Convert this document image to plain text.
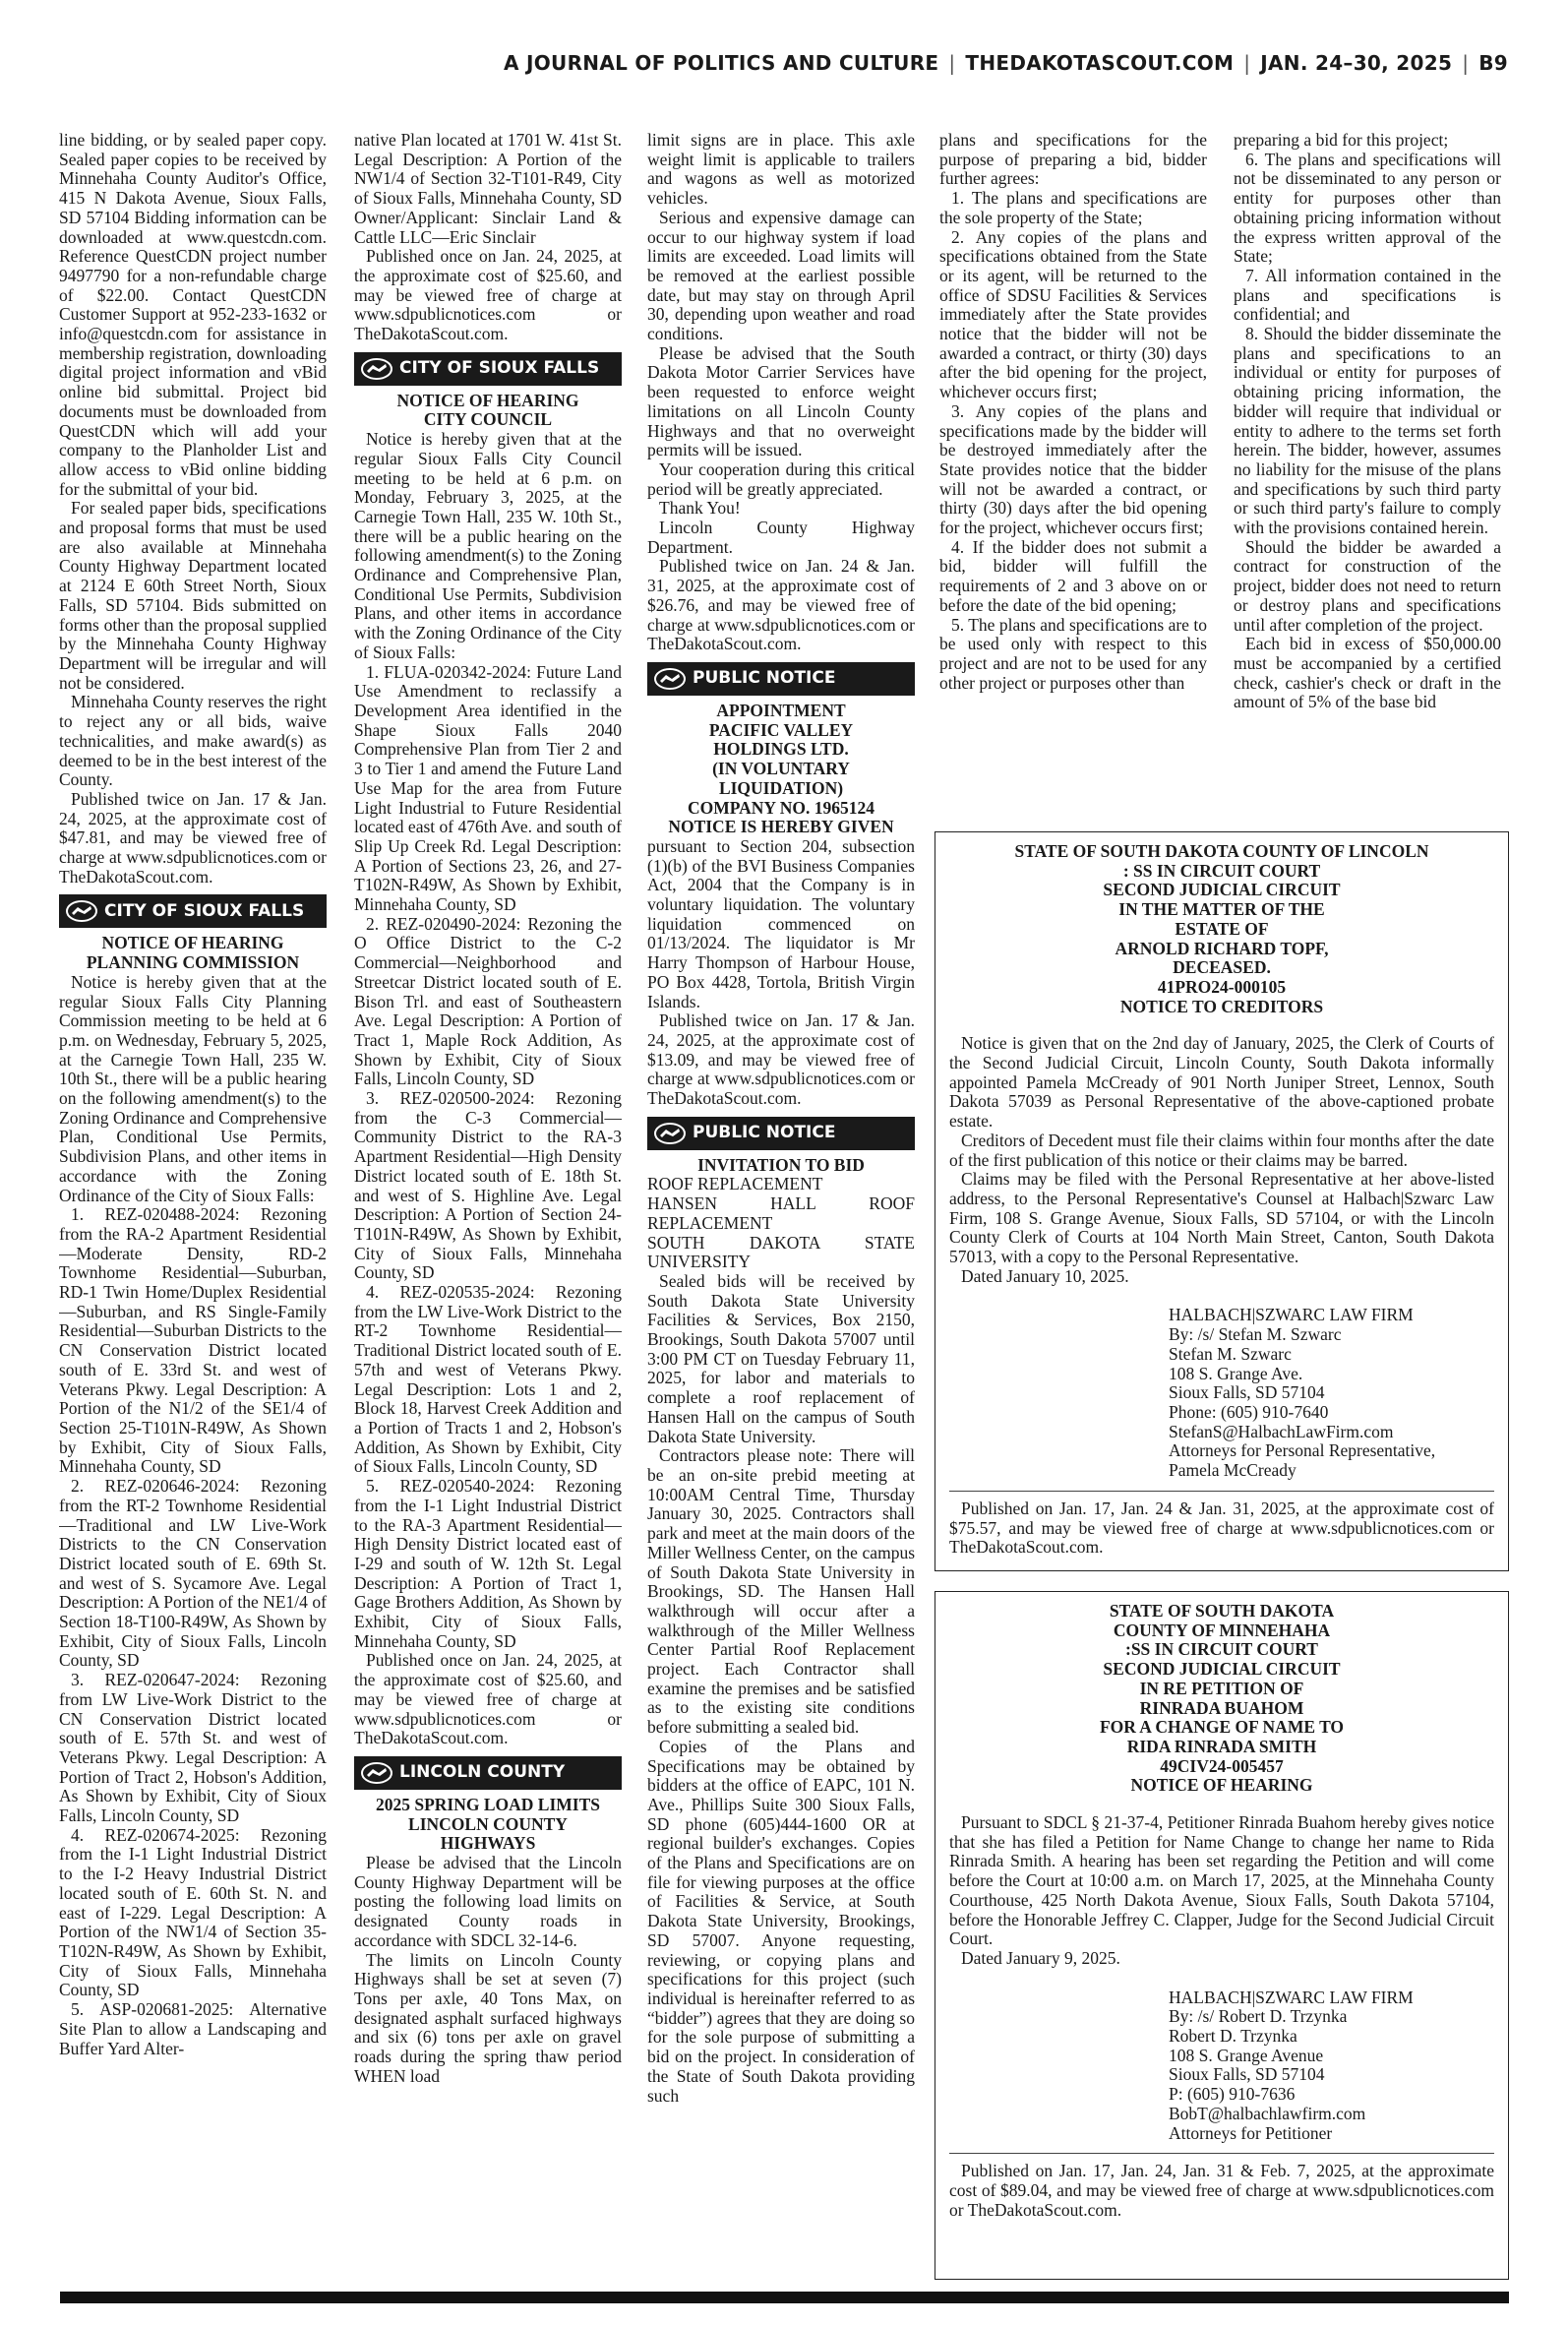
A JOURNAL OF POLITICS AND CULTURE | THEDAKOTASCOUT.COM | JAN. 24–30, 2025 | B9

line bidding, or by sealed paper copy. Sealed paper copies to be received by Minnehaha County Auditor's Office, 415 N Dakota Avenue, Sioux Falls, SD 57104 Bidding information can be downloaded at www.questcdn.com. Reference QuestCDN project number 9497790 for a non-refundable charge of $22.00. Contact QuestCDN Customer Support at 952-233-1632 or info@questcdn.com for assistance in membership registration, downloading digital project information and vBid online bid submittal. Project bid documents must be downloaded from QuestCDN which will add your company to the Planholder List and allow access to vBid online bidding for the submittal of your bid.

For sealed paper bids, specifications and proposal forms that must be used are also available at Minnehaha County Highway Department located at 2124 E 60th Street North, Sioux Falls, SD 57104. Bids submitted on forms other than the proposal supplied by the Minnehaha County Highway Department will be irregular and will not be considered.

Minnehaha County reserves the right to reject any or all bids, waive technicalities, and make award(s) as deemed to be in the best interest of the County.

Published twice on Jan. 17 & Jan. 24, 2025, at the approximate cost of $47.81, and may be viewed free of charge at www.sdpublicnotices.com or TheDakotaScout.com.

CITY OF SIOUX FALLS

NOTICE OF HEARING

PLANNING COMMISSION

Notice is hereby given that at the regular Sioux Falls City Planning Commission meeting to be held at 6 p.m. on Wednesday, February 5, 2025, at the Carnegie Town Hall, 235 W. 10th St., there will be a public hearing on the following amendment(s) to the Zoning Ordinance and Comprehensive Plan, Conditional Use Permits, Subdivision Plans, and other items in accordance with the Zoning Ordinance of the City of Sioux Falls:

1. REZ-020488-2024: Rezoning from the RA-2 Apartment Residential—Moderate Density, RD-2 Townhome Residential—Suburban, RD-1 Twin Home/Duplex Residential—Suburban, and RS Single-Family Residential—Suburban Districts to the CN Conservation District located south of E. 33rd St. and west of Veterans Pkwy. Legal Description: A Portion of the N1/2 of the SE1/4 of Section 25-T101N-R49W, As Shown by Exhibit, City of Sioux Falls, Minnehaha County, SD

2. REZ-020646-2024: Rezoning from the RT-2 Townhome Residential—Traditional and LW Live-Work Districts to the CN Conservation District located south of E. 69th St. and west of S. Sycamore Ave. Legal Description: A Portion of the NE1/4 of Section 18-T100-R49W, As Shown by Exhibit, City of Sioux Falls, Lincoln County, SD

3. REZ-020647-2024: Rezoning from LW Live-Work District to the CN Conservation District located south of E. 57th St. and west of Veterans Pkwy. Legal Description: A Portion of Tract 2, Hobson's Addition, As Shown by Exhibit, City of Sioux Falls, Lincoln County, SD

4. REZ-020674-2025: Rezoning from the I-1 Light Industrial District to the I-2 Heavy Industrial District located south of E. 60th St. N. and east of I-229. Legal Description: A Portion of the NW1/4 of Section 35-T102N-R49W, As Shown by Exhibit, City of Sioux Falls, Minnehaha County, SD

5. ASP-020681-2025: Alternative Site Plan to allow a Landscaping and Buffer Yard Alter-

native Plan located at 1701 W. 41st St. Legal Description: A Portion of the NW1/4 of Section 32-T101-R49, City of Sioux Falls, Minnehaha County, SD Owner/Applicant: Sinclair Land & Cattle LLC—Eric Sinclair

Published once on Jan. 24, 2025, at the approximate cost of $25.60, and may be viewed free of charge at www.sdpublicnotices.com or TheDakotaScout.com.

CITY OF SIOUX FALLS

NOTICE OF HEARING

CITY COUNCIL

Notice is hereby given that at the regular Sioux Falls City Council meeting to be held at 6 p.m. on Monday, February 3, 2025, at the Carnegie Town Hall, 235 W. 10th St., there will be a public hearing on the following amendment(s) to the Zoning Ordinance and Comprehensive Plan, Conditional Use Permits, Subdivision Plans, and other items in accordance with the Zoning Ordinance of the City of Sioux Falls:

1. FLUA-020342-2024: Future Land Use Amendment to reclassify a Development Area identified in the Shape Sioux Falls 2040 Comprehensive Plan from Tier 2 and 3 to Tier 1 and amend the Future Land Use Map for the area from Future Light Industrial to Future Residential located east of 476th Ave. and south of Slip Up Creek Rd. Legal Description: A Portion of Sections 23, 26, and 27-T102N-R49W, As Shown by Exhibit, Minnehaha County, SD

2. REZ-020490-2024: Rezoning the O Office District to the C-2 Commercial—Neighborhood and Streetcar District located south of E. Bison Trl. and east of Southeastern Ave. Legal Description: A Portion of Tract 1, Maple Rock Addition, As Shown by Exhibit, City of Sioux Falls, Lincoln County, SD

3. REZ-020500-2024: Rezoning from the C-3 Commercial—Community District to the RA-3 Apartment Residential—High Density District located south of E. 18th St. and west of S. Highline Ave. Legal Description: A Portion of Section 24-T101N-R49W, As Shown by Exhibit, City of Sioux Falls, Minnehaha County, SD

4. REZ-020535-2024: Rezoning from the LW Live-Work District to the RT-2 Townhome Residential—Traditional District located south of E. 57th and west of Veterans Pkwy. Legal Description: Lots 1 and 2, Block 18, Harvest Creek Addition and a Portion of Tracts 1 and 2, Hobson's Addition, As Shown by Exhibit, City of Sioux Falls, Lincoln County, SD

5. REZ-020540-2024: Rezoning from the I-1 Light Industrial District to the RA-3 Apartment Residential—High Density District located east of I-29 and south of W. 12th St. Legal Description: A Portion of Tract 1, Gage Brothers Addition, As Shown by Exhibit, City of Sioux Falls, Minnehaha County, SD

Published once on Jan. 24, 2025, at the approximate cost of $25.60, and may be viewed free of charge at www.sdpublicnotices.com or TheDakotaScout.com.

LINCOLN COUNTY

2025 SPRING LOAD LIMITS

LINCOLN COUNTY

HIGHWAYS

Please be advised that the Lincoln County Highway Department will be posting the following load limits on designated County roads in accordance with SDCL 32-14-6.

The limits on Lincoln County Highways shall be set at seven (7) Tons per axle, 40 Tons Max, on designated asphalt surfaced highways and six (6) tons per axle on gravel roads during the spring thaw period WHEN load

limit signs are in place. This axle weight limit is applicable to trailers and wagons as well as motorized vehicles.

Serious and expensive damage can occur to our highway system if load limits are exceeded. Load limits will be removed at the earliest possible date, but may stay on through April 30, depending upon weather and road conditions.

Please be advised that the South Dakota Motor Carrier Services have been requested to enforce weight limitations on all Lincoln County Highways and that no overweight permits will be issued.

Your cooperation during this critical period will be greatly appreciated.

Thank You!

Lincoln County Highway Department.

Published twice on Jan. 24 & Jan. 31, 2025, at the approximate cost of $26.76, and may be viewed free of charge at www.sdpublicnotices.com or TheDakotaScout.com.

PUBLIC NOTICE

APPOINTMENT

PACIFIC VALLEY

HOLDINGS LTD.

(IN VOLUNTARY

LIQUIDATION)

COMPANY NO. 1965124

NOTICE IS HEREBY GIVEN

pursuant to Section 204, subsection (1)(b) of the BVI Business Companies Act, 2004 that the Company is in voluntary liquidation. The voluntary liquidation commenced on 01/13/2024. The liquidator is Mr Harry Thompson of Harbour House, PO Box 4428, Tortola, British Virgin Islands.

Published twice on Jan. 17 & Jan. 24, 2025, at the approximate cost of $13.09, and may be viewed free of charge at www.sdpublicnotices.com or TheDakotaScout.com.

PUBLIC NOTICE

INVITATION TO BID

ROOF REPLACEMENT

HANSEN HALL ROOF REPLACEMENT

SOUTH DAKOTA STATE UNIVERSITY

Sealed bids will be received by South Dakota State University Facilities & Services, Box 2150, Brookings, South Dakota 57007 until 3:00 PM CT on Tuesday February 11, 2025, for labor and materials to complete a roof replacement of Hansen Hall on the campus of South Dakota State University.

Contractors please note: There will be an on-site prebid meeting at 10:00AM Central Time, Thursday January 30, 2025. Contractors shall park and meet at the main doors of the Miller Wellness Center, on the campus of South Dakota State University in Brookings, SD. The Hansen Hall walkthrough will occur after a walkthrough of the Miller Wellness Center Partial Roof Replacement project. Each Contractor shall examine the premises and be satisfied as to the existing site conditions before submitting a sealed bid.

Copies of the Plans and Specifications may be obtained by bidders at the office of EAPC, 101 N. Ave., Phillips Suite 300 Sioux Falls, SD phone (605)444-1600 OR at regional builder's exchanges. Copies of the Plans and Specifications are on file for viewing purposes at the office of Facilities & Service, at South Dakota State University, Brookings, SD 57007. Anyone requesting, reviewing, or copying plans and specifications for this project (such individual is hereinafter referred to as “bidder”) agrees that they are doing so for the sole purpose of submitting a bid on the project. In consideration of the State of South Dakota providing such

plans and specifications for the purpose of preparing a bid, bidder further agrees:

1. The plans and specifications are the sole property of the State;

2. Any copies of the plans and specifications obtained from the State or its agent, will be returned to the office of SDSU Facilities & Services immediately after the State provides notice that the bidder will not be awarded a contract, or thirty (30) days after the bid opening for the project, whichever occurs first;

3. Any copies of the plans and specifications made by the bidder will be destroyed immediately after the State provides notice that the bidder will not be awarded a contract, or thirty (30) days after the bid opening for the project, whichever occurs first;

4. If the bidder does not submit a bid, bidder will fulfill the requirements of 2 and 3 above on or before the date of the bid opening;

5. The plans and specifications are to be used only with respect to this project and are not to be used for any other project or purposes other than

preparing a bid for this project;

6. The plans and specifications will not be disseminated to any person or entity for purposes other than obtaining pricing information without the express written approval of the State;

7. All information contained in the plans and specifications is confidential; and

8. Should the bidder disseminate the plans and specifications to an individual or entity for purposes of obtaining pricing information, the bidder will require that individual or entity to adhere to the terms set forth herein. The bidder, however, assumes no liability for the misuse of the plans and specifications by such third party or such third party's failure to comply with the provisions contained herein.

Should the bidder be awarded a contract for construction of the project, bidder does not need to return or destroy plans and specifications until after completion of the project.

Each bid in excess of $50,000.00 must be accompanied by a certified check, cashier's check or draft in the amount of 5% of the base bid

STATE OF SOUTH DAKOTA COUNTY OF LINCOLN

: SS IN CIRCUIT COURT

SECOND JUDICIAL CIRCUIT

IN THE MATTER OF THE

ESTATE OF

ARNOLD RICHARD TOPF,

DECEASED.

41PRO24-000105

NOTICE TO CREDITORS

Notice is given that on the 2nd day of January, 2025, the Clerk of Courts of the Second Judicial Circuit, Lincoln County, South Dakota informally appointed Pamela McCready of 901 North Juniper Street, Lennox, South Dakota 57039 as Personal Representative of the above-captioned probate estate.

Creditors of Decedent must file their claims within four months after the date of the first publication of this notice or their claims may be barred.

Claims may be filed with the Personal Representative at her above-listed address, to the Personal Representative's Counsel at Halbach|Szwarc Law Firm, 108 S. Grange Avenue, Sioux Falls, SD 57104, or with the Lincoln County Clerk of Courts at 104 North Main Street, Canton, South Dakota 57013, with a copy to the Personal Representative.

Dated January 10, 2025.

HALBACH|SZWARC LAW FIRM

By: /s/ Stefan M. Szwarc

Stefan M. Szwarc

108 S. Grange Ave.

Sioux Falls, SD 57104

Phone: (605) 910-7640

StefanS@HalbachLawFirm.com

Attorneys for Personal Representative,

Pamela McCready

Published on Jan. 17, Jan. 24 & Jan. 31, 2025, at the approximate cost of $75.57, and may be viewed free of charge at www.sdpublicnotices.com or TheDakotaScout.com.

STATE OF SOUTH DAKOTA

COUNTY OF MINNEHAHA

:SS IN CIRCUIT COURT

SECOND JUDICIAL CIRCUIT

IN RE PETITION OF

RINRADA BUAHOM

FOR A CHANGE OF NAME TO

RIDA RINRADA SMITH

49CIV24-005457

NOTICE OF HEARING

Pursuant to SDCL § 21-37-4, Petitioner Rinrada Buahom hereby gives notice that she has filed a Petition for Name Change to change her name to Rida Rinrada Smith. A hearing has been set regarding the Petition and will come before the Court at 10:00 a.m. on March 17, 2025, at the Minnehaha County Courthouse, 425 North Dakota Avenue, Sioux Falls, South Dakota 57104, before the Honorable Jeffrey C. Clapper, Judge for the Second Judicial Circuit Court.

Dated January 9, 2025.

HALBACH|SZWARC LAW FIRM

By: /s/ Robert D. Trzynka

Robert D. Trzynka

108 S. Grange Avenue

Sioux Falls, SD 57104

P: (605) 910-7636

BobT@halbachlawfirm.com

Attorneys for Petitioner

Published on Jan. 17, Jan. 24, Jan. 31 & Feb. 7, 2025, at the approximate cost of $89.04, and may be viewed free of charge at www.sdpublicnotices.com or TheDakotaScout.com.
